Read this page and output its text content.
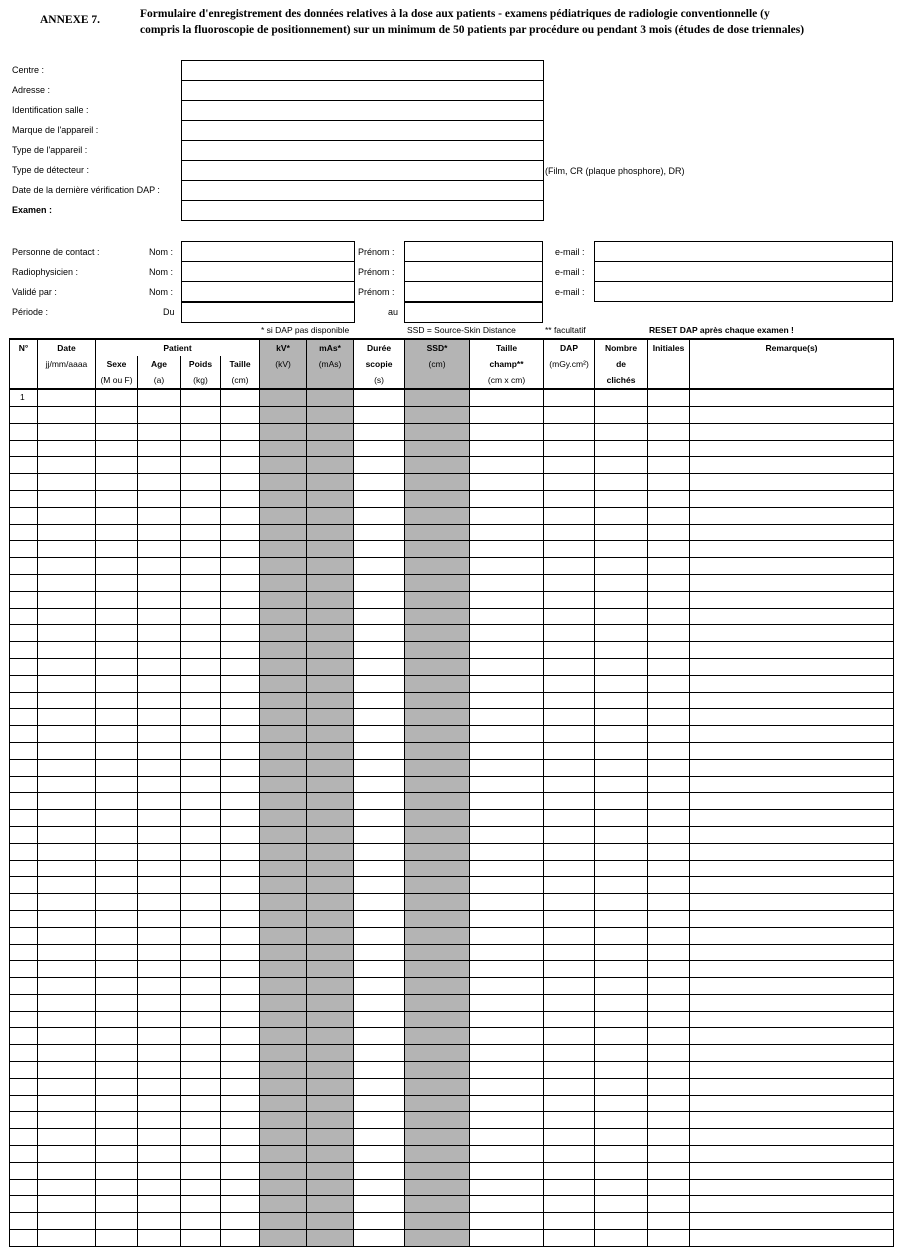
ANNEXE 7.	Formulaire d'enregistrement des données relatives à la dose aux patients - examens pédiatriques de radiologie conventionnelle (y
compris la fluoroscopie de positionnement) sur un minimum de 50 patients par procédure ou pendant 3 mois (études de dose triennales)
Centre :
Adresse :
Identification salle :
Marque de l'appareil :
Type de l'appareil :
Type de détecteur :
Date de la dernière vérification DAP :
Examen :
(Film, CR (plaque phosphore), DR)
Personne de contact :	Nom :	Prénom :	e-mail :
Radiophysicien :	Nom :	Prénom :	e-mail :
Validé par :	Nom :	Prénom :	e-mail :
Période :	Du	au
* si DAP pas disponible	SSD = Source-Skin Distance	** facultatif	RESET DAP après chaque examen !
N°	Date	Patient				kV*	mAs*	Durée	SSD*	Taille	DAP	Nombre	Initiales	Remarque(s)
	jj/mm/aaaa	Sexe	Age	Poids	Taille	(kV)	(mAs)	scopie	(cm)	champ**	(mGy.cm²)	de		
		(M ou F)	(a)	(kg)	(cm)			(s)		(cm x cm)		clichés		
1														
